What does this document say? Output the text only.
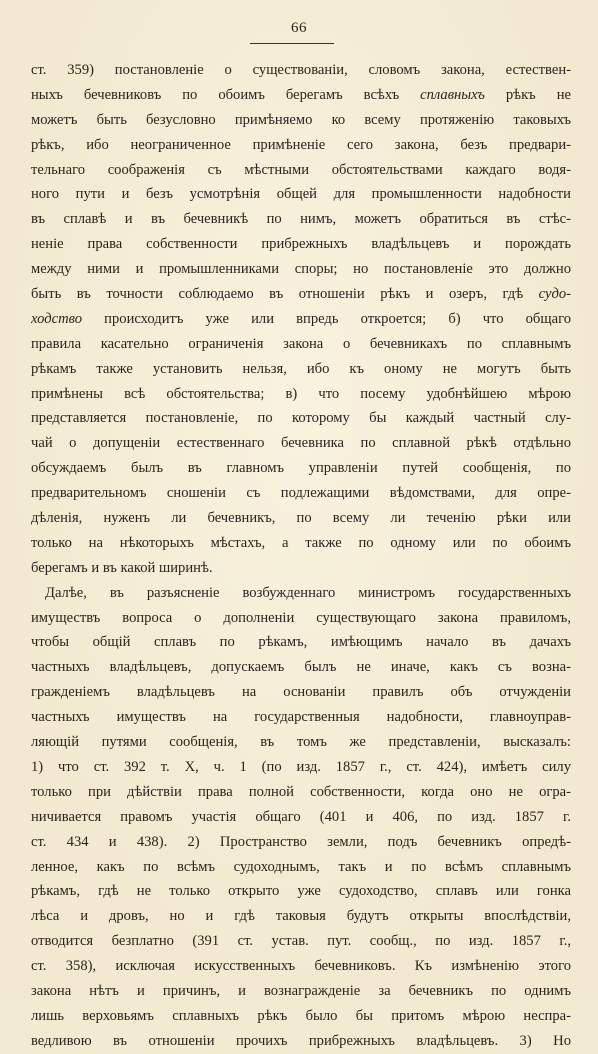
66
ст. 359) постановленіе о существованіи, словомъ закона, естествен-
ныхъ бечевниковъ по обоимъ берегамъ всѣхъ сплавныхъ рѣкъ не
можетъ быть безусловно примѣняемо ко всему протяженію таковыхъ
рѣкъ, ибо неограниченное примѣненіе сего закона, безъ предвари-
тельнаго соображенія съ мѣстными обстоятельствами каждаго водя-
ного пути и безъ усмотрѣнія общей для промышленности надобности
въ сплавѣ и въ бечевникѣ по нимъ, можетъ обратиться въ стѣс-
неніе права собственности прибрежныхъ владѣльцевъ и порождать
между ними и промышленниками споры; но постановленіе это должно
быть въ точности соблюдаемо въ отношеніи рѣкъ и озеръ, гдѣ судо-
ходство происходитъ уже или впредь откроется; б) что общаго
правила касательно ограниченія закона о бечевникахъ по сплавнымъ
рѣкамъ также установить нельзя, ибо къ оному не могутъ быть
примѣнены всѣ обстоятельства; в) что посему удобнѣйшею мѣрою
представляется постановленіе, по которому бы каждый частный слу-
чай о допущеніи естественнаго бечевника по сплавной рѣкѣ отдѣльно
обсуждаемъ былъ въ главномъ управленіи путей сообщенія, по
предварительномъ сношеніи съ подлежащими вѣдомствами, для опре-
дѣленія, нуженъ ли бечевникъ, по всему ли теченію рѣки или
только на нѣкоторыхъ мѣстахъ, а также по одному или по обоимъ
берегамъ и въ какой ширинѣ.
Далѣе, въ разъясненіе возбужденнаго министромъ государственныхъ
имуществъ вопроса о дополненіи существующаго закона правиломъ,
чтобы общій сплавъ по рѣкамъ, имѣющимъ начало въ дачахъ
частныхъ владѣльцевъ, допускаемъ былъ не иначе, какъ съ возна-
гражденіемъ владѣльцевъ на основаніи правилъ объ отчужденіи
частныхъ имуществъ на государственныя надобности, главноуправ-
ляющій путями сообщенія, въ томъ же представленіи, высказалъ:
1) что ст. 392 т. X, ч. 1 (по изд. 1857 г., ст. 424), имѣетъ силу
только при дѣйствіи права полной собственности, когда оно не огра-
ничивается правомъ участія общаго (401 и 406, по изд. 1857 г.
ст. 434 и 438). 2) Пространство земли, подъ бечевникъ опредѣ-
ленное, какъ по всѣмъ судоходнымъ, такъ и по всѣмъ сплавнымъ
рѣкамъ, гдѣ не только открыто уже судоходство, сплавъ или гонка
лѣса и дровъ, но и гдѣ таковыя будутъ открыты впослѣдствіи,
отводится безплатно (391 ст. устав. пут. сообщ., по изд. 1857 г.,
ст. 358), исключая искусственныхъ бечевниковъ. Къ измѣненію этого
закона нѣтъ и причинъ, и вознагражденіе за бечевникъ по однимъ
лишь верховьямъ сплавныхъ рѣкъ было бы притомъ мѣрою неспра-
ведливою въ отношеніи прочихъ прибрежныхъ владѣльцевъ. 3) Но
